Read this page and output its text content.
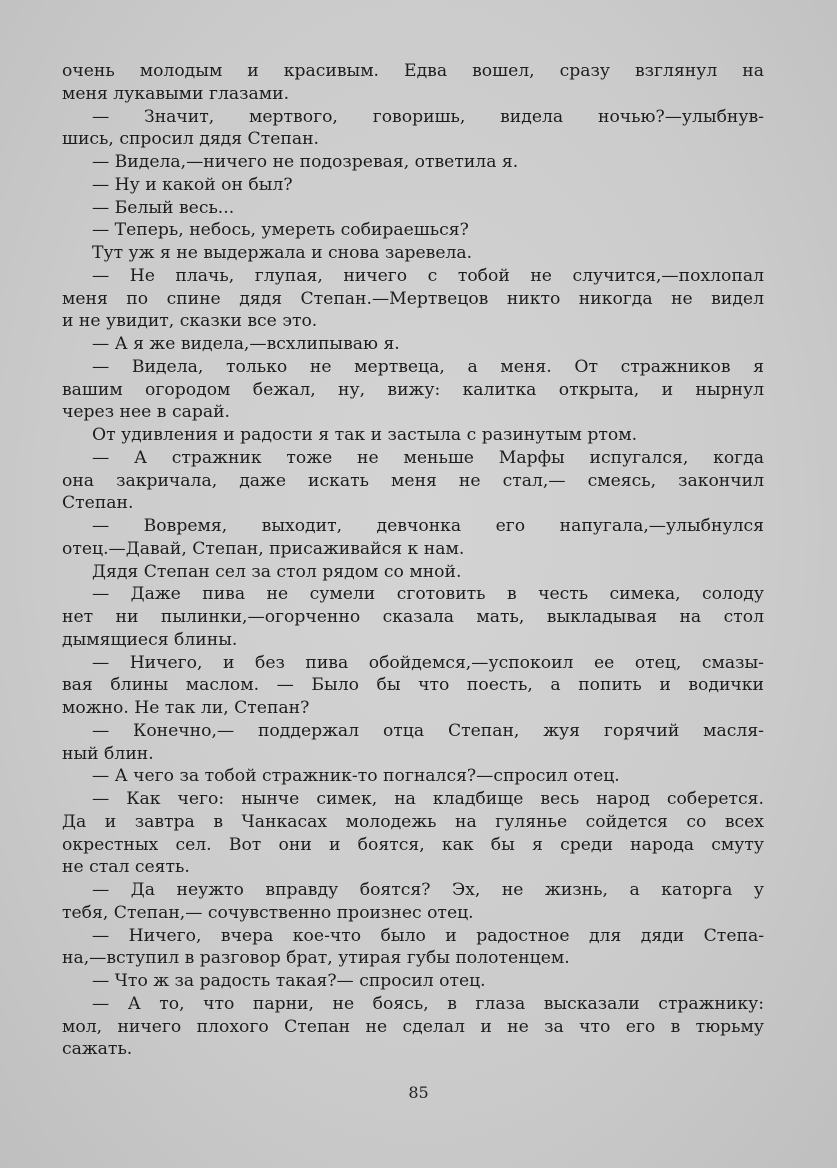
очень молодым и красивым. Едва вошел, сразу взглянул на
меня лукавыми глазами.
— Значит, мертвого, говоришь, видела ночью?—улыбнув-
шись, спросил дядя Степан.
— Видела,—ничего не подозревая, ответила я.
— Ну и какой он был?
— Белый весь...
— Теперь, небось, умереть собираешься?
Тут уж я не выдержала и снова заревела.
— Не плачь, глупая, ничего с тобой не случится,—похлопал
меня по спине дядя Степан.—Мертвецов никто никогда не видел
и не увидит, сказки все это.
— А я же видела,—всхлипываю я.
— Видела, только не мертвеца, а меня. От стражников я
вашим огородом бежал, ну, вижу: калитка открыта, и нырнул
через нее в сарай.
От удивления и радости я так и застыла с разинутым ртом.
— А стражник тоже не меньше Марфы испугался, когда
она закричала, даже искать меня не стал,— смеясь, закончил
Степан.
— Вовремя, выходит, девчонка его напугала,—улыбнулся
отец.—Давай, Степан, присаживайся к нам.
Дядя Степан сел за стол рядом со мной.
— Даже пива не сумели сготовить в честь симека, солоду
нет ни пылинки,—огорченно сказала мать, выкладывая на стол
дымящиеся блины.
— Ничего, и без пива обойдемся,—успокоил ее отец, смазы-
вая блины маслом. — Было бы что поесть, а попить и водички
можно. Не так ли, Степан?
— Конечно,— поддержал отца Степан, жуя горячий масля-
ный блин.
— А чего за тобой стражник-то погнался?—спросил отец.
— Как чего: нынче симек, на кладбище весь народ соберется.
Да и завтра в Чанкасах молодежь на гулянье сойдется со всех
окрестных сел. Вот они и боятся, как бы я среди народа смуту
не стал сеять.
— Да неужто вправду боятся? Эх, не жизнь, а каторга у
тебя, Степан,— сочувственно произнес отец.
— Ничего, вчера кое-что было и радостное для дяди Степа-
на,—вступил в разговор брат, утирая губы полотенцем.
— Что ж за радость такая?— спросил отец.
— А то, что парни, не боясь, в глаза высказали стражнику:
мол, ничего плохого Степан не сделал и не за что его в тюрьму
сажать.
85
